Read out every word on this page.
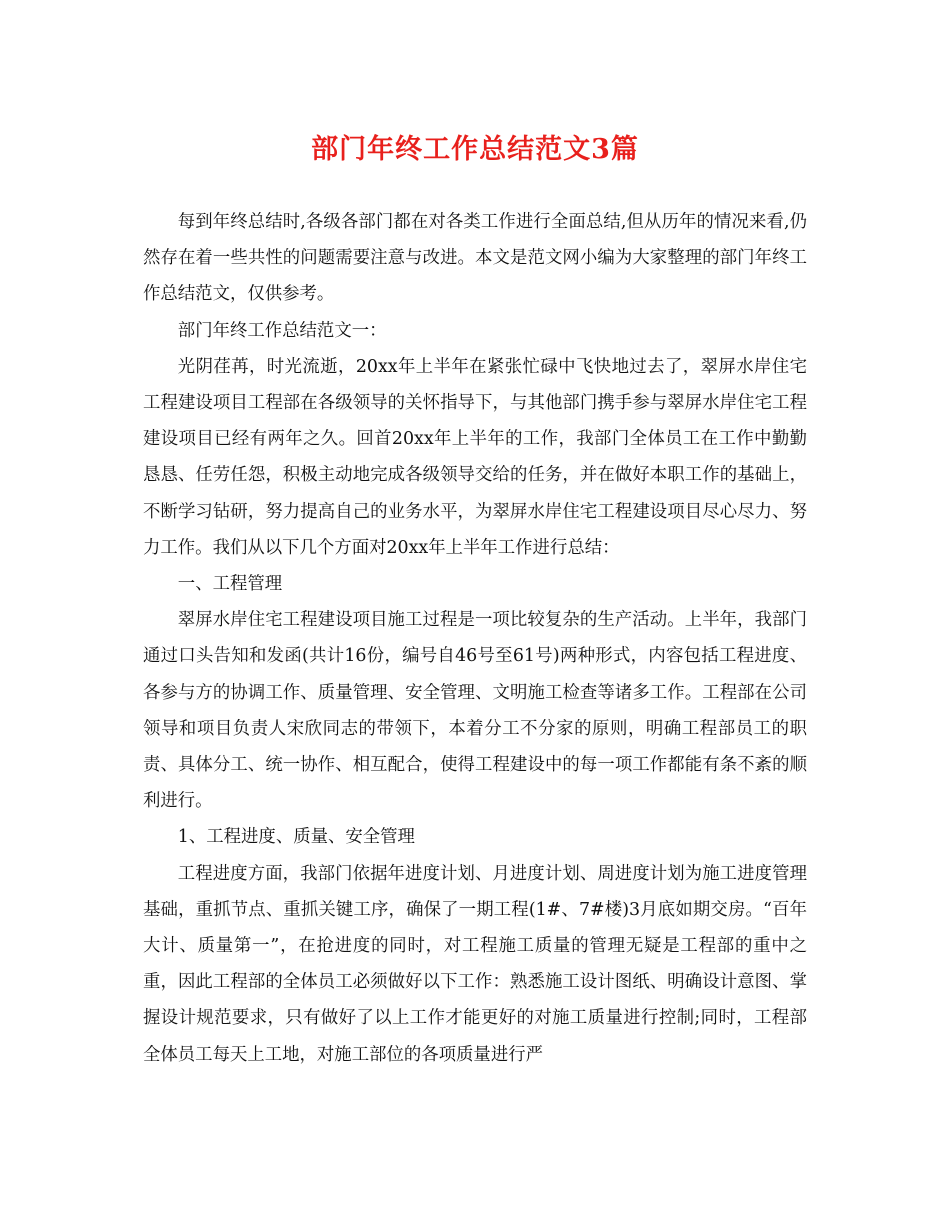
部门年终工作总结范文3篇

每到年终总结时,各级各部门都在对各类工作进行全面总结,但从历年的情况来看,仍然存在着一些共性的问题需要注意与改进。本文是范文网小编为大家整理的部门年终工作总结范文，仅供参考。

部门年终工作总结范文一：

光阴荏苒，时光流逝，20xx年上半年在紧张忙碌中飞快地过去了，翠屏水岸住宅工程建设项目工程部在各级领导的关怀指导下，与其他部门携手参与翠屏水岸住宅工程建设项目已经有两年之久。回首20xx年上半年的工作，我部门全体员工在工作中勤勤恳恳、任劳任怨，积极主动地完成各级领导交给的任务，并在做好本职工作的基础上，不断学习钻研，努力提高自己的业务水平，为翠屏水岸住宅工程建设项目尽心尽力、努力工作。我们从以下几个方面对20xx年上半年工作进行总结：

一、工程管理

翠屏水岸住宅工程建设项目施工过程是一项比较复杂的生产活动。上半年，我部门通过口头告知和发函(共计16份，编号自46号至61号)两种形式，内容包括工程进度、各参与方的协调工作、质量管理、安全管理、文明施工检查等诸多工作。工程部在公司领导和项目负责人宋欣同志的带领下，本着分工不分家的原则，明确工程部员工的职责、具体分工、统一协作、相互配合，使得工程建设中的每一项工作都能有条不紊的顺利进行。

1、工程进度、质量、安全管理

工程进度方面，我部门依据年进度计划、月进度计划、周进度计划为施工进度管理基础，重抓节点、重抓关键工序，确保了一期工程(1#、7#楼)3月底如期交房。“百年大计、质量第一”，在抢进度的同时，对工程施工质量的管理无疑是工程部的重中之重，因此工程部的全体员工必须做好以下工作：熟悉施工设计图纸、明确设计意图、掌握设计规范要求，只有做好了以上工作才能更好的对施工质量进行控制;同时，工程部全体员工每天上工地，对施工部位的各项质量进行严
